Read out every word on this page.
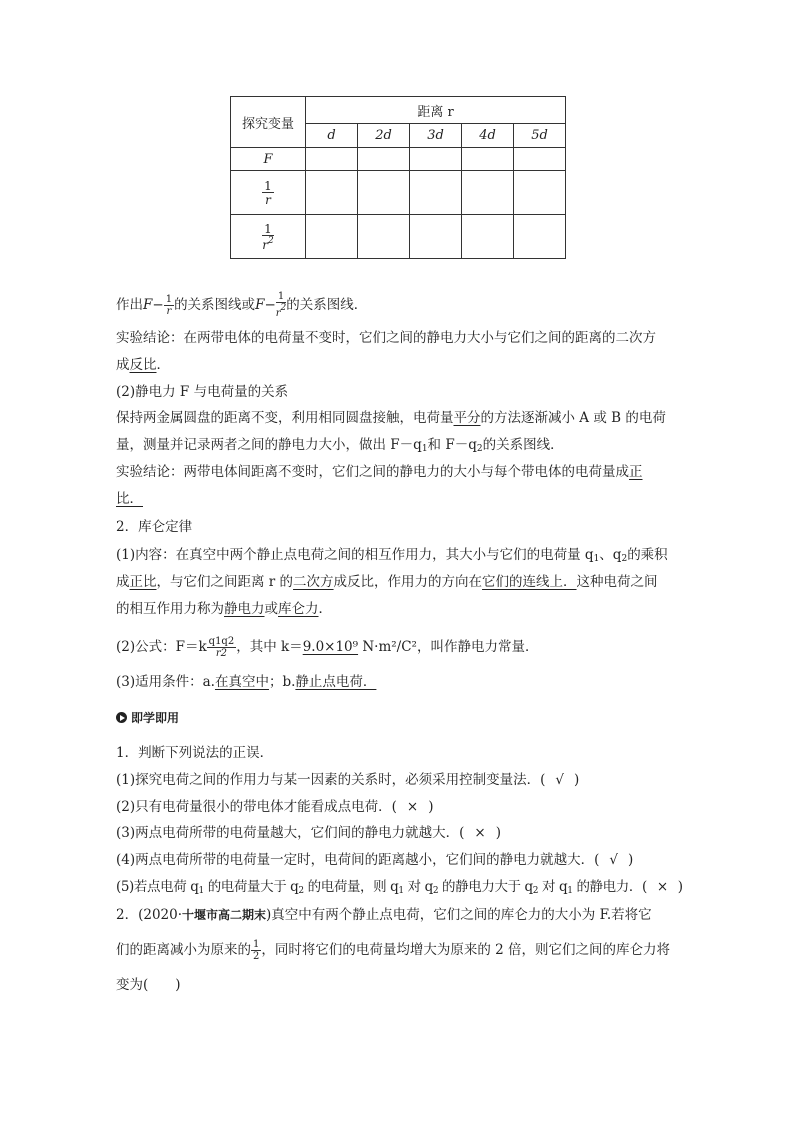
探究变量	距离 r				
	d	2d	3d	4d	5d
F					

$\frac{1}{r}$

$\frac{1}{r^2}$

作出$F- \frac{1}{r}$ 的关系图线或$F- \frac{1}{r^2}$ 的关系图线．
实验结论：在两带电体的电荷量不变时，它们之间的静电力大小与它们之间的距离的二次方
成反比．
(2)静电力 F 与电荷量的关系
保持两金属圆盘的距离不变，利用相同圆盘接触，电荷量平分的方法逐渐减小 A 或 B 的电荷
量，测量并记录两者之间的静电力大小，做出 $F-q_1$和 $F-q_2$的关系图线．
实验结论：两带电体间距离不变时，它们之间的静电力的大小与每个带电体的电荷量成正
比．
2．库仑定律
(1)内容：在真空中两个静止点电荷之间的相互作用力，其大小与它们的电荷量 $q_1$、$q_2$的乘积
成正比，与它们之间距离 r 的二次方成反比，作用力的方向在它们的连线上．这种电荷之间
的相互作用力称为静电力或库仑力．
(2)公式：$F=k \frac{q1q2}{r2}$ ，其中 k＝9.0×10⁹ N·m²/C²，叫作静电力常量．
(3)适用条件：a.在真空中；b.静止点电荷．
即学即用
1．判断下列说法的正误．
(1)探究电荷之间的作用力与某一因素的关系时，必须采用控制变量法．( √ )
(2)只有电荷量很小的带电体才能看成点电荷．( × )
(3)两点电荷所带的电荷量越大，它们间的静电力就越大．( × )
(4)两点电荷所带的电荷量一定时，电荷间的距离越小，它们间的静电力就越大．( √ )
(5)若点电荷 $q_1$ 的电荷量大于 $q_2$ 的电荷量，则 $q_1$ 对 $q_2$ 的静电力大于 $q_2$ 对 $q_1$ 的静电力．( × )
2．(2020·十堰市高二期末)真空中有两个静止点电荷，它们之间的库仑力的大小为 F.若将它
们的距离减小为原来的 $\frac{1}{2}$ ，同时将它们的电荷量均增大为原来的 2 倍，则它们之间的库仑力将
变为(　　)
